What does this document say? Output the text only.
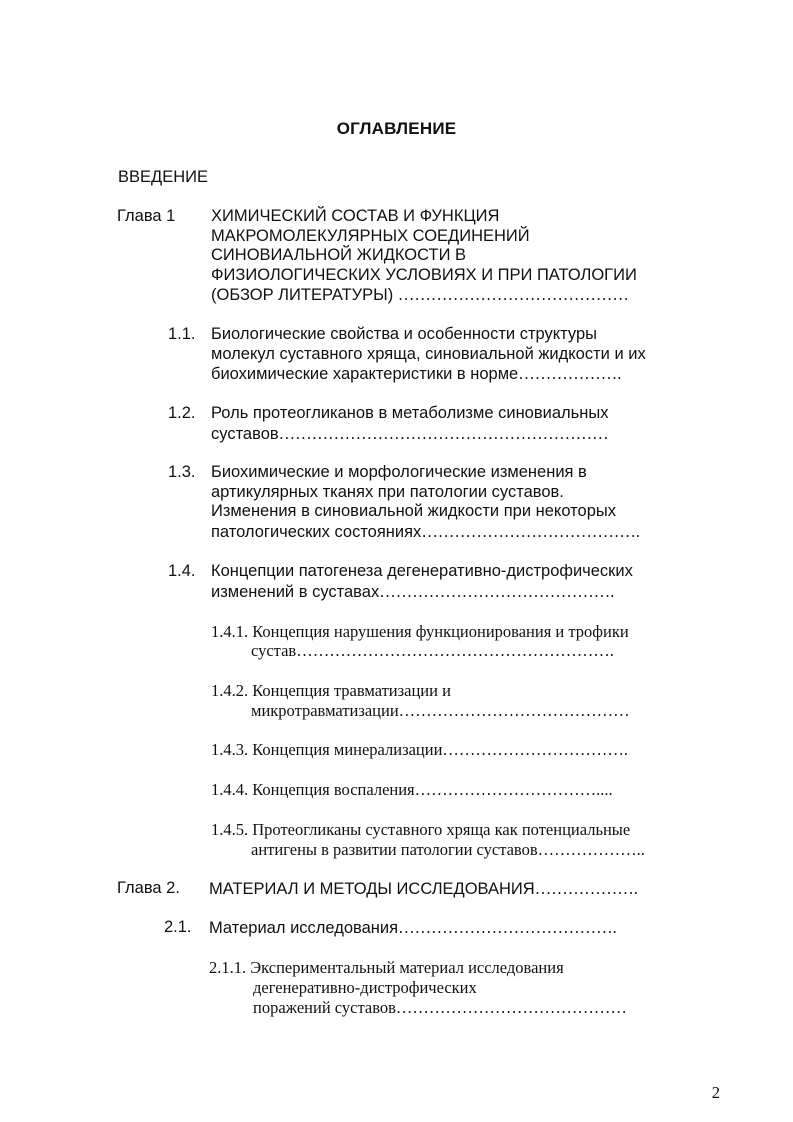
ОГЛАВЛЕНИЕ
ВВЕДЕНИЕ
Глава 1 ХИМИЧЕСКИЙ СОСТАВ И ФУНКЦИЯ
МАКРОМОЛЕКУЛЯРНЫХ СОЕДИНЕНИЙ
СИНОВИАЛЬНОЙ ЖИДКОСТИ В
ФИЗИОЛОГИЧЕСКИХ УСЛОВИЯХ И ПРИ ПАТОЛОГИИ
(ОБЗОР ЛИТЕРАТУРЫ) ……………………………………
1.1. Биологические свойства и особенности структуры
молекул суставного хряща, синовиальной жидкости и их
биохимические характеристики в норме……………….
1.2. Роль протеогликанов в метаболизме синовиальных
суставов……………………………………………………
1.3. Биохимические и морфологические изменения в
артикулярных тканях при патологии суставов.
Изменения в синовиальной жидкости при некоторых
патологических состояниях………………………………….
1.4. Концепции патогенеза дегенеративно-дистрофических
изменений в суставах…………………………………….
1.4.1. Концепция нарушения функционирования и трофики
сустав………………………………………………….
1.4.2. Концепция травматизации и
микротравматизации……………………………………
1.4.3. Концепция минерализации…………………………….
1.4.4. Концепция воспаления……………………………....
1.4.5. Протеогликаны суставного хряща как потенциальные
антигены в развитии патологии суставов………………..
Глава 2. МАТЕРИАЛ И МЕТОДЫ ИССЛЕДОВАНИЯ……………….
2.1. Материал исследования………………………………….
2.1.1. Экспериментальный материал исследования
дегенеративно-дистрофических
поражений суставов……………………………………
2
